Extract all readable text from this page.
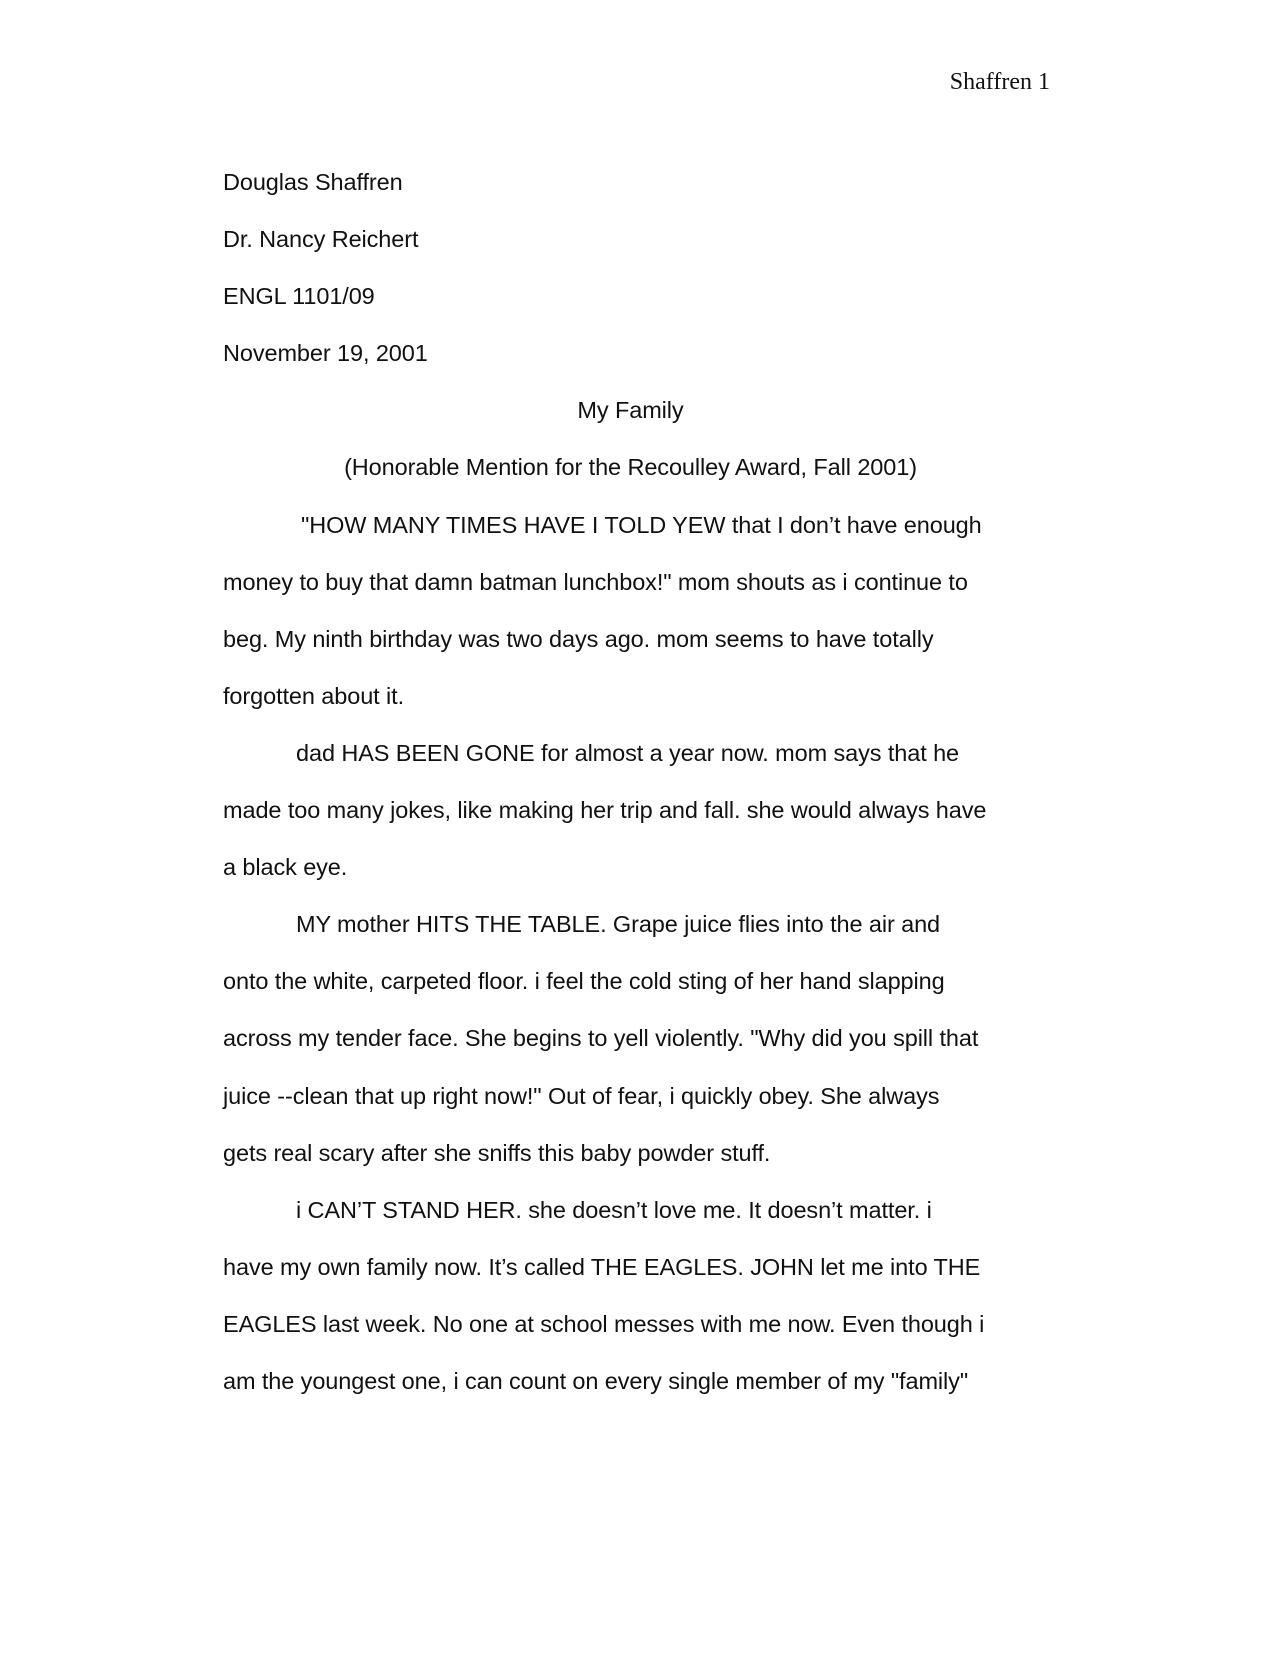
Shaffren 1
Douglas Shaffren
Dr. Nancy Reichert
ENGL 1101/09
November 19, 2001
My Family
(Honorable Mention for the Recoulley Award, Fall 2001)
"HOW MANY TIMES HAVE I TOLD YEW that I don’t have enough
money to buy that damn batman lunchbox!" mom shouts as i continue to
beg. My ninth birthday was two days ago. mom seems to have totally
forgotten about it.
dad HAS BEEN GONE for almost a year now. mom says that he
made too many jokes, like making her trip and fall. she would always have
a black eye.
MY mother HITS THE TABLE. Grape juice flies into the air and
onto the white, carpeted floor. i feel the cold sting of her hand slapping
across my tender face. She begins to yell violently. "Why did you spill that
juice --clean that up right now!" Out of fear, i quickly obey. She always
gets real scary after she sniffs this baby powder stuff.
i CAN’T STAND HER. she doesn’t love me. It doesn’t matter. i
have my own family now. It’s called THE EAGLES. JOHN let me into THE
EAGLES last week. No one at school messes with me now. Even though i
am the youngest one, i can count on every single member of my "family"
